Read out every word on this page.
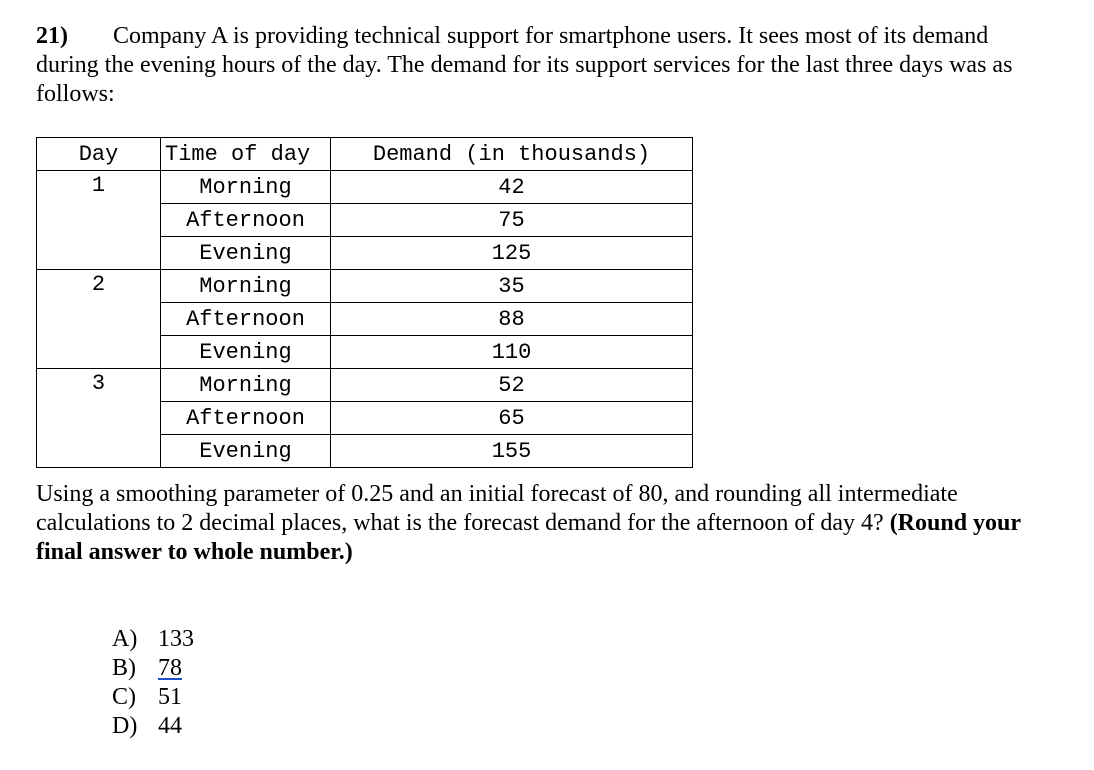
21) Company A is providing technical support for smartphone users. It sees most of its demand during the evening hours of the day. The demand for its support services for the last three days was as follows:

Day	Time of day	Demand (in thousands)
1	Morning	42
	Afternoon	75
	Evening	125
2	Morning	35
	Afternoon	88
	Evening	110
3	Morning	52
	Afternoon	65
	Evening	155

Using a smoothing parameter of 0.25 and an initial forecast of 80, and rounding all intermediate calculations to 2 decimal places, what is the forecast demand for the afternoon of day 4? (Round your final answer to whole number.)

A) 133
B) 78
C) 51
D) 44
